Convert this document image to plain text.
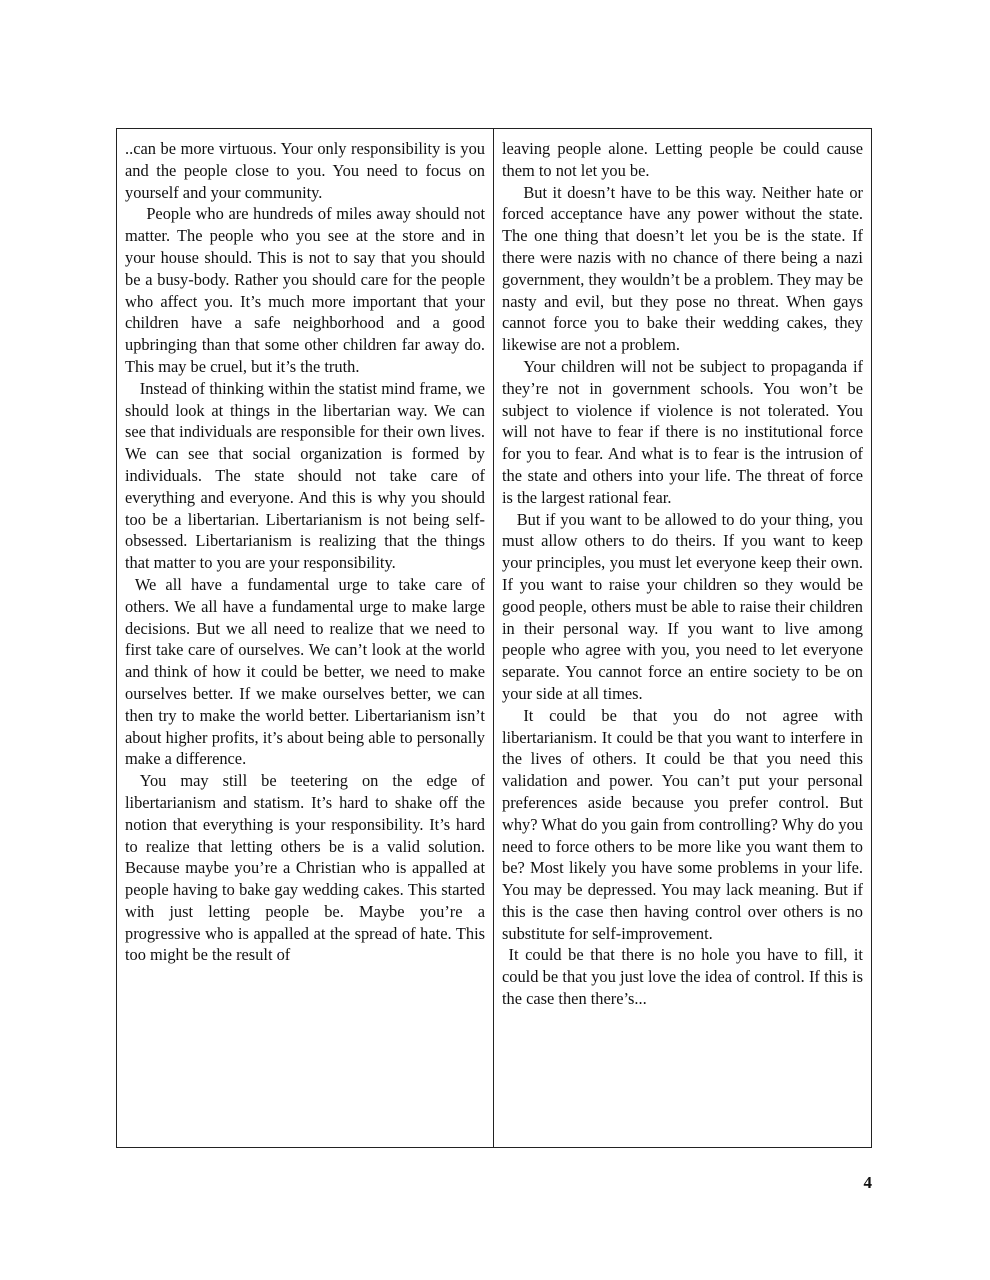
..can be more virtuous. Your only responsibility is you and the people close to you. You need to focus on yourself and your community.

People who are hundreds of miles away should not matter. The people who you see at the store and in your house should. This is not to say that you should be a busy-body. Rather you should care for the people who affect you. It’s much more important that your children have a safe neighborhood and a good upbringing than that some other children far away do. This may be cruel, but it’s the truth.

Instead of thinking within the statist mind frame, we should look at things in the libertarian way. We can see that individuals are responsible for their own lives. We can see that social organization is formed by individuals. The state should not take care of everything and everyone. And this is why you should too be a libertarian. Libertarianism is not being self-obsessed. Libertarianism is realizing that the things that matter to you are your responsibility.

We all have a fundamental urge to take care of others. We all have a fundamental urge to make large decisions. But we all need to realize that we need to first take care of ourselves. We can’t look at the world and think of how it could be better, we need to make ourselves better. If we make ourselves better, we can then try to make the world better. Libertarianism isn’t about higher profits, it’s about being able to personally make a difference.

You may still be teetering on the edge of libertarianism and statism. It’s hard to shake off the notion that everything is your responsibility. It’s hard to realize that letting others be is a valid solution. Because maybe you’re a Christian who is appalled at people having to bake gay wedding cakes. This started with just letting people be. Maybe you’re a progressive who is appalled at the spread of hate. This too might be the result of

leaving people alone. Letting people be could cause them to not let you be.

But it doesn’t have to be this way. Neither hate or forced acceptance have any power without the state. The one thing that doesn’t let you be is the state. If there were nazis with no chance of there being a nazi government, they wouldn’t be a problem. They may be nasty and evil, but they pose no threat. When gays cannot force you to bake their wedding cakes, they likewise are not a problem.

Your children will not be subject to propaganda if they’re not in government schools. You won’t be subject to violence if violence is not tolerated. You will not have to fear if there is no institutional force for you to fear. And what is to fear is the intrusion of the state and others into your life. The threat of force is the largest rational fear.

But if you want to be allowed to do your thing, you must allow others to do theirs. If you want to keep your principles, you must let everyone keep their own. If you want to raise your children so they would be good people, others must be able to raise their children in their personal way. If you want to live among people who agree with you, you need to let everyone separate. You cannot force an entire society to be on your side at all times.

It could be that you do not agree with libertarianism. It could be that you want to interfere in the lives of others. It could be that you need this validation and power. You can’t put your personal preferences aside because you prefer control. But why? What do you gain from controlling? Why do you need to force others to be more like you want them to be? Most likely you have some problems in your life. You may be depressed. You may lack meaning. But if this is the case then having control over others is no substitute for self-improvement.

It could be that there is no hole you have to fill, it could be that you just love the idea of control. If this is the case then there’s...

4
